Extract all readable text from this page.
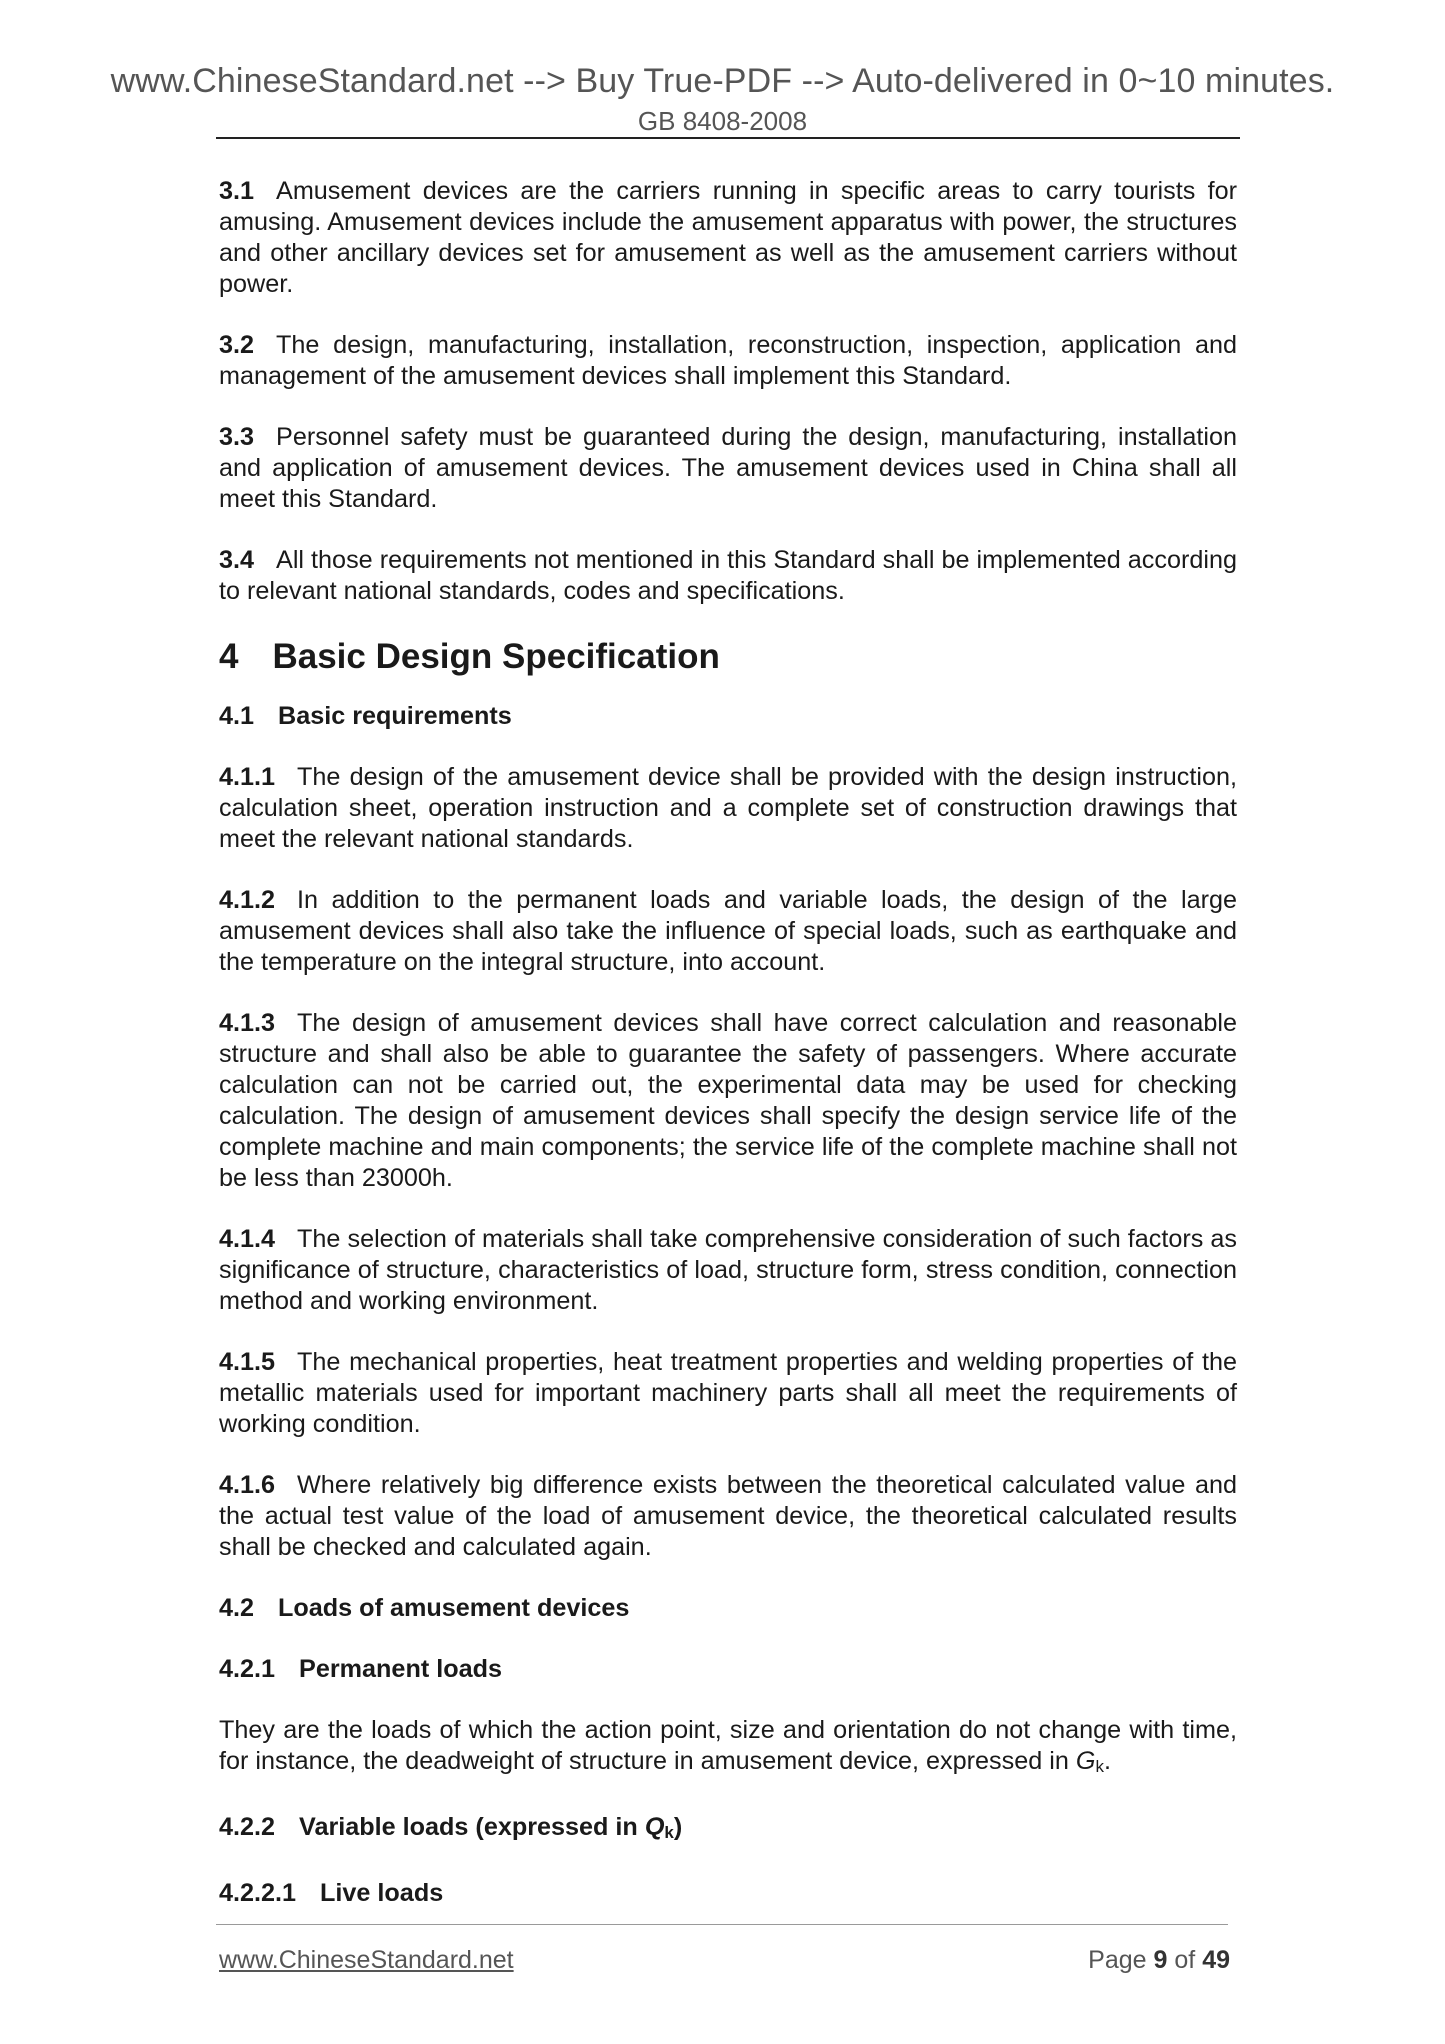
www.ChineseStandard.net --> Buy True-PDF --> Auto-delivered in 0~10 minutes.
GB 8408-2008

3.1 Amusement devices are the carriers running in specific areas to carry tourists for amusing. Amusement devices include the amusement apparatus with power, the structures and other ancillary devices set for amusement as well as the amusement carriers without power.

3.2 The design, manufacturing, installation, reconstruction, inspection, application and management of the amusement devices shall implement this Standard.

3.3 Personnel safety must be guaranteed during the design, manufacturing, installation and application of amusement devices. The amusement devices used in China shall all meet this Standard.

3.4 All those requirements not mentioned in this Standard shall be implemented according to relevant national standards, codes and specifications.

4 Basic Design Specification
4.1 Basic requirements

4.1.1 The design of the amusement device shall be provided with the design instruction, calculation sheet, operation instruction and a complete set of construction drawings that meet the relevant national standards.

4.1.2 In addition to the permanent loads and variable loads, the design of the large amusement devices shall also take the influence of special loads, such as earthquake and the temperature on the integral structure, into account.

4.1.3 The design of amusement devices shall have correct calculation and reasonable structure and shall also be able to guarantee the safety of passengers. Where accurate calculation can not be carried out, the experimental data may be used for checking calculation. The design of amusement devices shall specify the design service life of the complete machine and main components; the service life of the complete machine shall not be less than 23000h.

4.1.4 The selection of materials shall take comprehensive consideration of such factors as significance of structure, characteristics of load, structure form, stress condition, connection method and working environment.

4.1.5 The mechanical properties, heat treatment properties and welding properties of the metallic materials used for important machinery parts shall all meet the requirements of working condition.

4.1.6 Where relatively big difference exists between the theoretical calculated value and the actual test value of the load of amusement device, the theoretical calculated results shall be checked and calculated again.

4.2 Loads of amusement devices
4.2.1 Permanent loads

They are the loads of which the action point, size and orientation do not change with time, for instance, the deadweight of structure in amusement device, expressed in Gk.

4.2.2 Variable loads (expressed in Qk)
4.2.2.1 Live loads
www.ChineseStandard.net	Page 9 of 49
